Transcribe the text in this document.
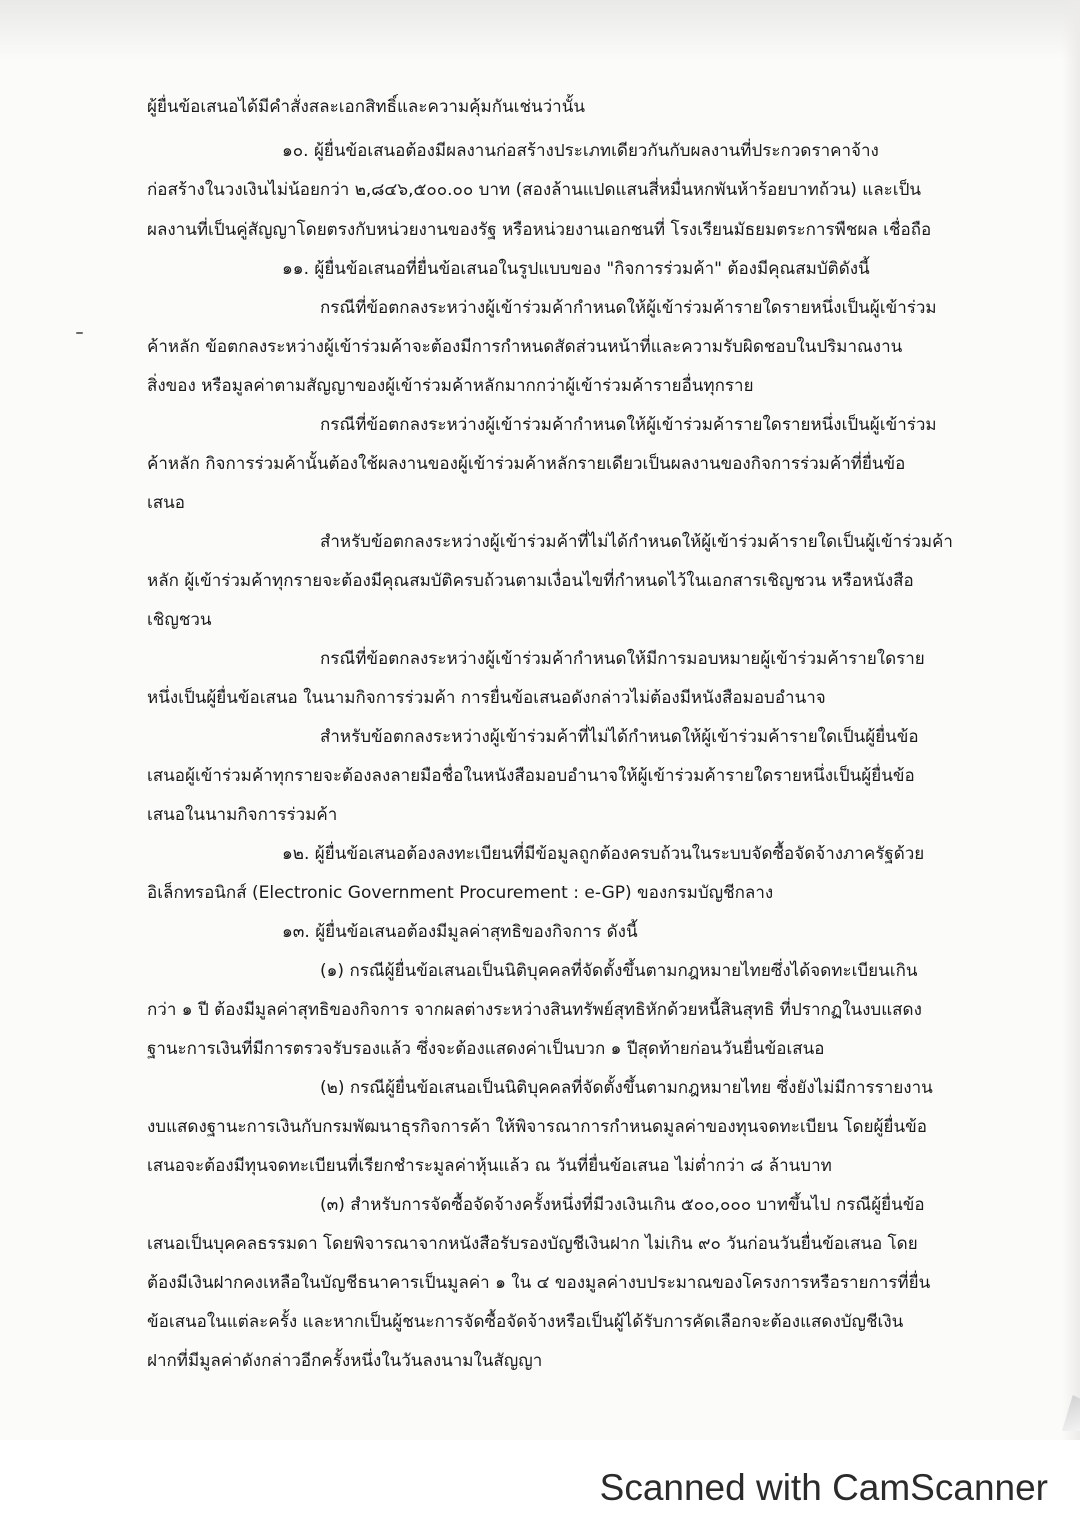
ผู้ยื่นข้อเสนอได้มีคำสั่งสละเอกสิทธิ์และความคุ้มกันเช่นว่านั้น
๑๐. ผู้ยื่นข้อเสนอต้องมีผลงานก่อสร้างประเภทเดียวกันกับผลงานที่ประกวดราคาจ้าง
ก่อสร้างในวงเงินไม่น้อยกว่า ๒,๘๔๖,๕๐๐.๐๐ บาท (สองล้านแปดแสนสี่หมื่นหกพันห้าร้อยบาทถ้วน) และเป็น
ผลงานที่เป็นคู่สัญญาโดยตรงกับหน่วยงานของรัฐ หรือหน่วยงานเอกชนที่ โรงเรียนมัธยมตระการพืชผล เชื่อถือ
๑๑. ผู้ยื่นข้อเสนอที่ยื่นข้อเสนอในรูปแบบของ "กิจการร่วมค้า" ต้องมีคุณสมบัติดังนี้
กรณีที่ข้อตกลงระหว่างผู้เข้าร่วมค้ากำหนดให้ผู้เข้าร่วมค้ารายใดรายหนึ่งเป็นผู้เข้าร่วม
ค้าหลัก ข้อตกลงระหว่างผู้เข้าร่วมค้าจะต้องมีการกำหนดสัดส่วนหน้าที่และความรับผิดชอบในปริมาณงาน
สิ่งของ หรือมูลค่าตามสัญญาของผู้เข้าร่วมค้าหลักมากกว่าผู้เข้าร่วมค้ารายอื่นทุกราย
กรณีที่ข้อตกลงระหว่างผู้เข้าร่วมค้ากำหนดให้ผู้เข้าร่วมค้ารายใดรายหนึ่งเป็นผู้เข้าร่วม
ค้าหลัก กิจการร่วมค้านั้นต้องใช้ผลงานของผู้เข้าร่วมค้าหลักรายเดียวเป็นผลงานของกิจการร่วมค้าที่ยื่นข้อ
เสนอ
สำหรับข้อตกลงระหว่างผู้เข้าร่วมค้าที่ไม่ได้กำหนดให้ผู้เข้าร่วมค้ารายใดเป็นผู้เข้าร่วมค้า
หลัก ผู้เข้าร่วมค้าทุกรายจะต้องมีคุณสมบัติครบถ้วนตามเงื่อนไขที่กำหนดไว้ในเอกสารเชิญชวน หรือหนังสือ
เชิญชวน
กรณีที่ข้อตกลงระหว่างผู้เข้าร่วมค้ากำหนดให้มีการมอบหมายผู้เข้าร่วมค้ารายใดราย
หนึ่งเป็นผู้ยื่นข้อเสนอ ในนามกิจการร่วมค้า การยื่นข้อเสนอดังกล่าวไม่ต้องมีหนังสือมอบอำนาจ
สำหรับข้อตกลงระหว่างผู้เข้าร่วมค้าที่ไม่ได้กำหนดให้ผู้เข้าร่วมค้ารายใดเป็นผู้ยื่นข้อ
เสนอผู้เข้าร่วมค้าทุกรายจะต้องลงลายมือชื่อในหนังสือมอบอำนาจให้ผู้เข้าร่วมค้ารายใดรายหนึ่งเป็นผู้ยื่นข้อ
เสนอในนามกิจการร่วมค้า
๑๒. ผู้ยื่นข้อเสนอต้องลงทะเบียนที่มีข้อมูลถูกต้องครบถ้วนในระบบจัดซื้อจัดจ้างภาครัฐด้วย
อิเล็กทรอนิกส์ (Electronic Government Procurement : e-GP) ของกรมบัญชีกลาง
๑๓. ผู้ยื่นข้อเสนอต้องมีมูลค่าสุทธิของกิจการ ดังนี้
(๑) กรณีผู้ยื่นข้อเสนอเป็นนิติบุคคลที่จัดตั้งขึ้นตามกฎหมายไทยซึ่งได้จดทะเบียนเกิน
กว่า ๑ ปี ต้องมีมูลค่าสุทธิของกิจการ จากผลต่างระหว่างสินทรัพย์สุทธิหักด้วยหนี้สินสุทธิ ที่ปรากฏในงบแสดง
ฐานะการเงินที่มีการตรวจรับรองแล้ว ซึ่งจะต้องแสดงค่าเป็นบวก ๑ ปีสุดท้ายก่อนวันยื่นข้อเสนอ
(๒) กรณีผู้ยื่นข้อเสนอเป็นนิติบุคคลที่จัดตั้งขึ้นตามกฎหมายไทย ซึ่งยังไม่มีการรายงาน
งบแสดงฐานะการเงินกับกรมพัฒนาธุรกิจการค้า ให้พิจารณาการกำหนดมูลค่าของทุนจดทะเบียน โดยผู้ยื่นข้อ
เสนอจะต้องมีทุนจดทะเบียนที่เรียกชำระมูลค่าหุ้นแล้ว ณ วันที่ยื่นข้อเสนอ ไม่ต่ำกว่า ๘ ล้านบาท
(๓) สำหรับการจัดซื้อจัดจ้างครั้งหนึ่งที่มีวงเงินเกิน ๕๐๐,๐๐๐ บาทขึ้นไป กรณีผู้ยื่นข้อ
เสนอเป็นบุคคลธรรมดา โดยพิจารณาจากหนังสือรับรองบัญชีเงินฝาก ไม่เกิน ๙๐ วันก่อนวันยื่นข้อเสนอ โดย
ต้องมีเงินฝากคงเหลือในบัญชีธนาคารเป็นมูลค่า ๑ ใน ๔ ของมูลค่างบประมาณของโครงการหรือรายการที่ยื่น
ข้อเสนอในแต่ละครั้ง และหากเป็นผู้ชนะการจัดซื้อจัดจ้างหรือเป็นผู้ได้รับการคัดเลือกจะต้องแสดงบัญชีเงิน
ฝากที่มีมูลค่าดังกล่าวอีกครั้งหนึ่งในวันลงนามในสัญญา
Scanned with CamScanner
